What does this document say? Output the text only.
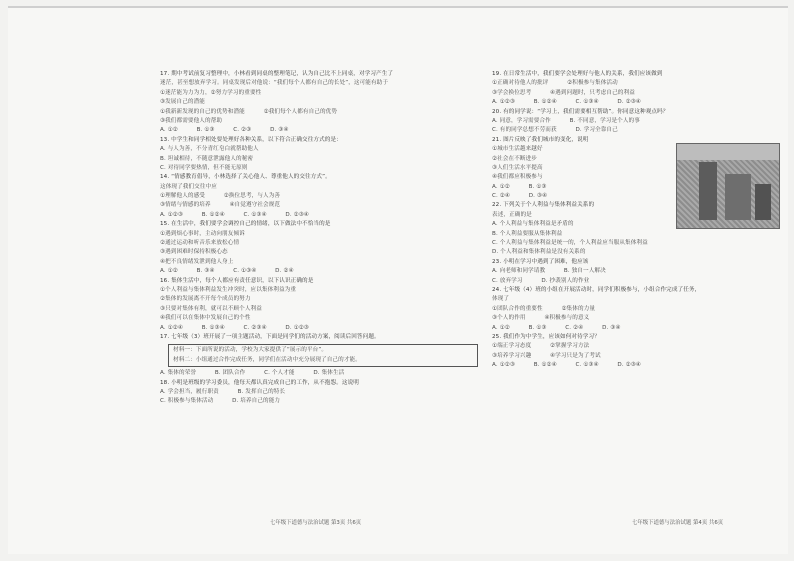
17. 期中考试前复习整理中，小林看到同桌的整理笔记，认为自己比不上同桌，对学习产生了
迷茫，甚至想放弃学习。同桌发现后对他说：“我们每个人都有自己的长处”，这可能有助于
①迷茫能为力为力，②努力学习的重要性
③发展自己的潜能
①我新新发现的自己的优势和潜能          ②我们每个人都有自己的优势
③我们都需要他人的帮助
A. ①②          B. ①③          C. ②③          D. ③④
13. 中学生和同学相处要处理好各种关系，以下符合正确交往方式的是：
A. 与人为善，不分青红皂白就帮助他人
B. 坦诚相待，不随意泄露他人的秘密
C. 对待同学要热情，但不能无原则
14. “情感教育倡导，小林选择了关心他人、尊重他人的交往方式”。
这体现了我们交往中应
①理解他人的感受          ②换位思考，与人为善
③情绪与情感的培养          ④自觉遵守社会规范
A. ①②③          B. ①②④          C. ①③④          D. ②③④
15. 在生活中，我们要学会调控自己的情绪，以下做法中不恰当的是
①遇到烦心事时，主动向朋友倾诉
②通过运动和听音乐来放松心情
③遇到困难时保持积极心态
④把不良情绪发泄到他人身上
A. ①②          B. ③④          C. ①③④          D. ②④
16. 集体生活中，每个人都应有责任意识，以下认识正确的是
①个人利益与集体利益发生冲突时，应以集体利益为重
②集体的发展离不开每个成员的努力
③只要对集体有利，就可以不顾个人利益
④我们可以在集体中发展自己的个性
A. ①②④          B. ①③④          C. ②③④          D. ①②③
17. 七年级（3）班开展了一项主题活动，下面是同学们的活动方案，阅读后回答问题。
材料一：下面所说的活动，学校为大家提供了“展示的平台”。
材料二：小组通过合作完成任务，同学们在活动中充分展现了自己的才能。
A. 集体的荣誉          B. 团队合作          C. 个人才能          D. 集体生活
18. 小明是班级的学习委员，他每天都认真完成自己的工作，从不抱怨。这说明
A. 学会担当，履行职责          B. 发挥自己的特长
C. 积极参与集体活动          D. 培养自己的能力
19. 在日常生活中，我们要学会处理好与他人的关系，我们应该做到
①正确对待他人的批评          ②积极参与集体活动
③学会换位思考          ④遇到问题时，只考虑自己的利益
A. ①②③          B. ①②④          C. ①③④          D. ②③④
20. 有的同学说：“学习上，我们需要相互帮助”。你同意这种观点吗？
A. 同意，学习需要合作          B. 不同意，学习是个人的事
C. 有的同学总想不劳而获          D. 学习全靠自己
21. 图片反映了我们城市的变化，说明
①城市生活越来越好
②社会在不断进步
③人们生活水平提高
④我们都应积极参与
A. ①②          B. ①③
C. ②④          D. ③④
22. 下列关于个人利益与集体利益关系的
表述，正确的是
A. 个人利益与集体利益是矛盾的
B. 个人利益要服从集体利益
C. 个人利益与集体利益是统一的，个人利益应当服从集体利益
D. 个人利益和集体利益是没有关系的
23. 小明在学习中遇到了困难，他应该
A. 向老师和同学请教          B. 独自一人解决
C. 放弃学习          D. 抄袭别人的作业
24. 七年级（4）班的小组在开展活动时，同学们积极参与，小组合作完成了任务，
体现了
①团队合作的重要性          ②集体的力量
③个人的作用          ④积极参与的意义
A. ①②          B. ①③          C. ②④          D. ③④
25. 我们作为中学生，应该如何对待学习？
①端正学习态度          ②掌握学习方法
③培养学习兴趣          ④学习只是为了考试
A. ①②③          B. ①②④          C. ①③④          D. ②③④
七年级下道德与法治试题 第3页 共6页	七年级下道德与法治试题 第4页 共6页
